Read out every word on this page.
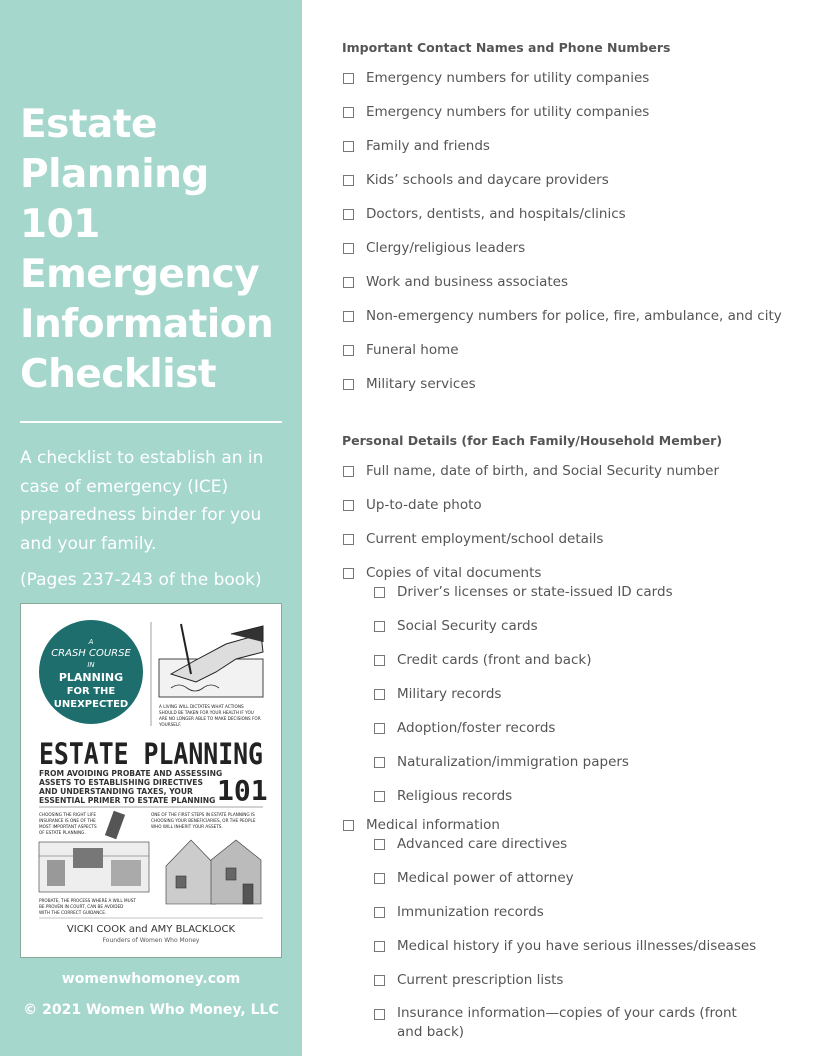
Estate
Planning
101
Emergency
Information
Checklist

A checklist to establish an in case of emergency (ICE) preparedness binder for you and your family.

(Pages 237-243 of the book)

A
CRASH COURSE
IN
PLANNING
FOR THE
UNEXPECTED	A LIVING WILL DICTATES WHAT ACTIONS
SHOULD BE TAKEN FOR YOUR HEALTH IF YOU
ARE NO LONGER ABLE TO MAKE DECISIONS FOR
YOURSELF.
ESTATE PLANNING
FROM AVOIDING PROBATE AND ASSESSING
ASSETS TO ESTABLISHING DIRECTIVES
AND UNDERSTANDING TAXES, YOUR
ESSENTIAL PRIMER TO ESTATE PLANNING 101
CHOOSING THE RIGHT LIFE
INSURANCE IS ONE OF THE
MOST IMPORTANT ASPECTS
OF ESTATE PLANNING.
ONE OF THE FIRST STEPS IN ESTATE PLANNING IS
CHOOSING YOUR BENEFICIARIES, OR THE PEOPLE
WHO WILL INHERIT YOUR ASSETS.
PROBATE, THE PROCESS WHERE A WILL MUST
BE PROVEN IN COURT, CAN BE AVOIDED
WITH THE CORRECT GUIDANCE.
VICKI COOK and AMY BLACKLOCK
Founders of Women Who Money
womenwhomoney.com
© 2021 Women Who Money, LLC
Important Contact Names and Phone Numbers
Emergency numbers for utility companies
Emergency numbers for utility companies
Family and friends
Kids’ schools and daycare providers
Doctors, dentists, and hospitals/clinics
Clergy/religious leaders
Work and business associates
Non-emergency numbers for police, fire, ambulance, and city
Funeral home
Military services
Personal Details (for Each Family/Household Member)
Full name, date of birth, and Social Security number
Up-to-date photo
Current employment/school details
Copies of vital documents
Driver’s licenses or state-issued ID cards
Social Security cards
Credit cards (front and back)
Military records
Adoption/foster records
Naturalization/immigration papers
Religious records
Medical information
Advanced care directives
Medical power of attorney
Immunization records
Medical history if you have serious illnesses/diseases
Current prescription lists
Insurance information—copies of your cards (front and back)
